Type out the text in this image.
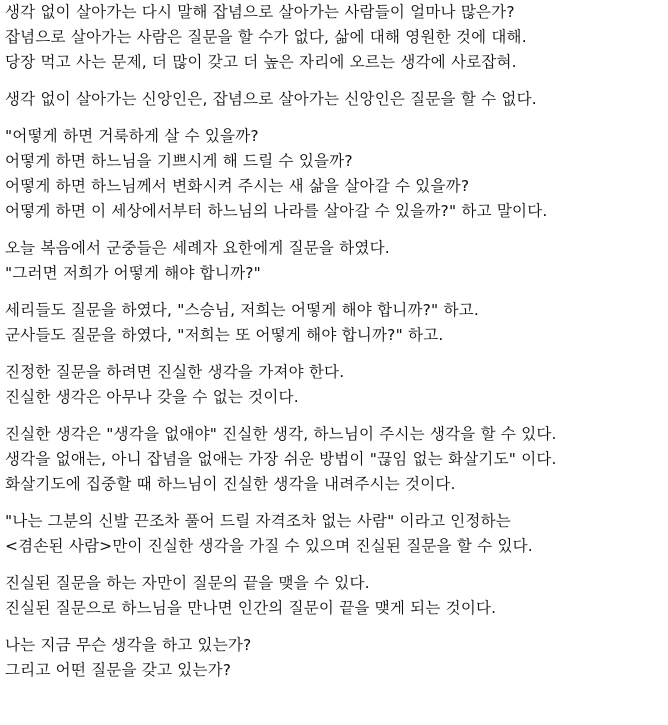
생각 없이 살아가는 다시 말해 잡념으로 살아가는 사람들이 얼마나 많은가?
잡념으로 살아가는 사람은 질문을 할 수가 없다, 삶에 대해 영원한 것에 대해.
당장 먹고 사는 문제, 더 많이 갖고 더 높은 자리에 오르는 생각에 사로잡혀.
생각 없이 살아가는 신앙인은, 잡념으로 살아가는 신앙인은 질문을 할 수 없다.
"어떻게 하면 거룩하게 살 수 있을까?
어떻게 하면 하느님을 기쁘시게 해 드릴 수 있을까?
어떻게 하면 하느님께서 변화시켜 주시는 새 삶을 살아갈 수 있을까?
어떻게 하면 이 세상에서부터 하느님의 나라를 살아갈 수 있을까?" 하고 말이다.
오늘 복음에서 군중들은 세례자 요한에게 질문을 하였다.
"그러면 저희가 어떻게 해야 합니까?"
세리들도 질문을 하였다, "스승님, 저희는 어떻게 해야 합니까?" 하고.
군사들도 질문을 하였다, "저희는 또 어떻게 해야 합니까?" 하고.
진정한 질문을 하려면 진실한 생각을 가져야 한다.
진실한 생각은 아무나 갖을 수 없는 것이다.
진실한 생각은 "생각을 없애야" 진실한 생각, 하느님이 주시는 생각을 할 수 있다.
생각을 없애는, 아니 잡념을 없애는 가장 쉬운 방법이 "끊임 없는 화살기도" 이다.
화살기도에 집중할 때 하느님이 진실한 생각을 내려주시는 것이다.
"나는 그분의 신발 끈조차 풀어 드릴 자격조차 없는 사람" 이라고 인정하는
<겸손된 사람>만이 진실한 생각을 가질 수 있으며 진실된 질문을 할 수 있다.
진실된 질문을 하는 자만이 질문의 끝을 맺을 수 있다.
진실된 질문으로 하느님을 만나면 인간의 질문이 끝을 맺게 되는 것이다.
나는 지금 무슨 생각을 하고 있는가?
그리고 어떤 질문을 갖고 있는가?
